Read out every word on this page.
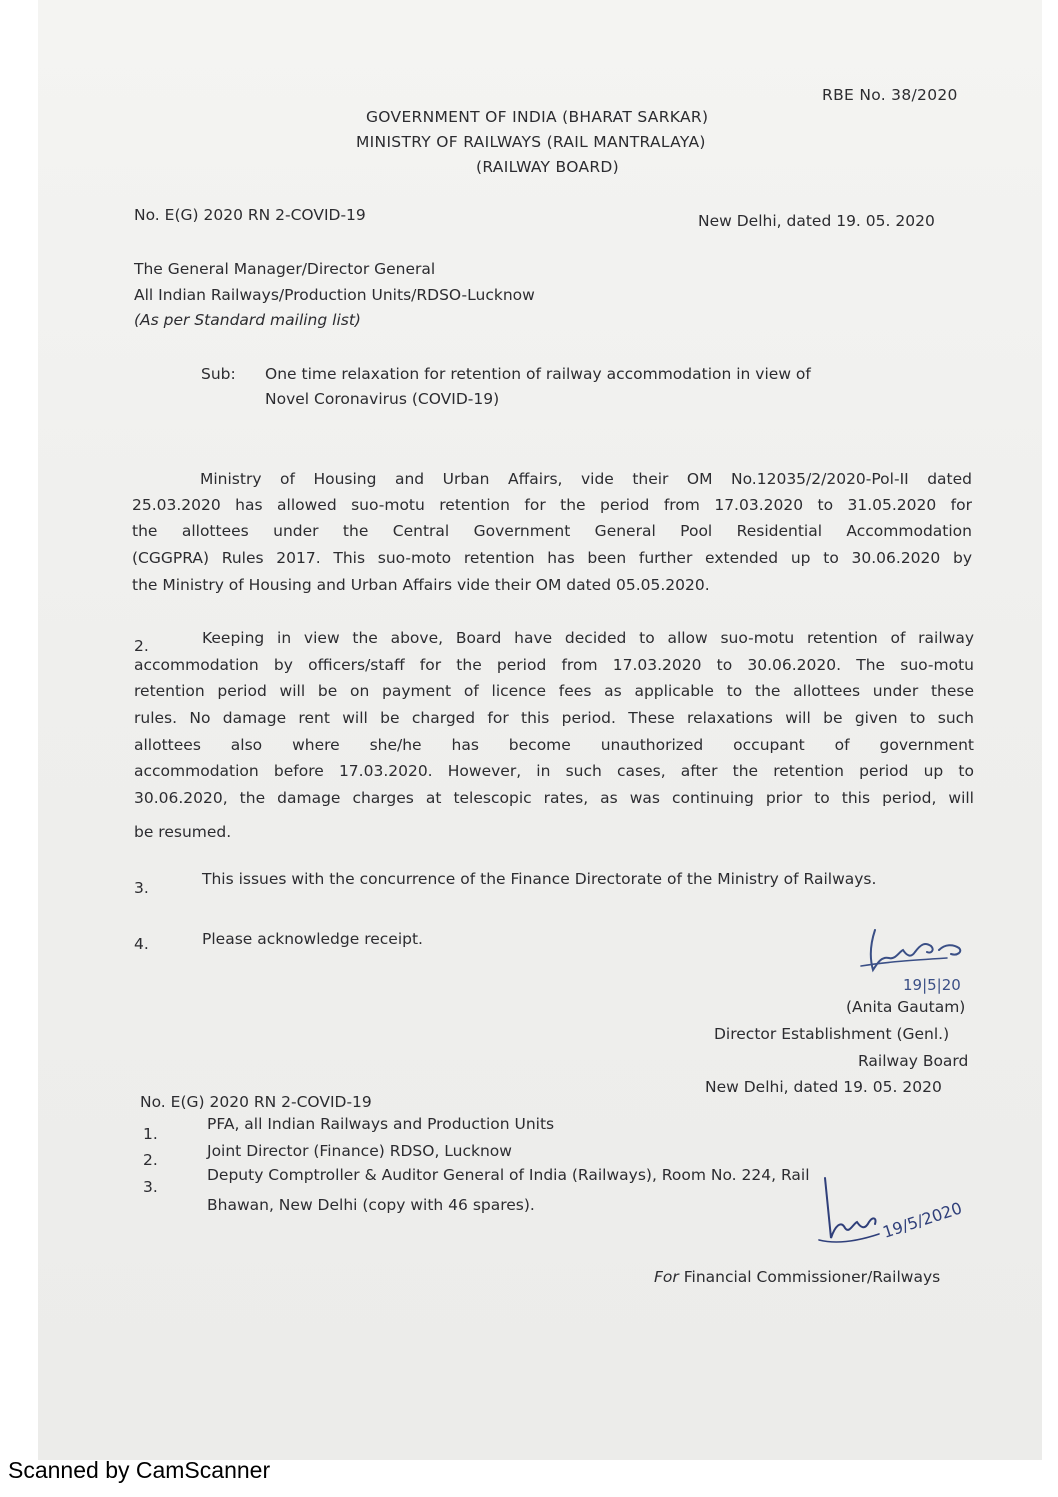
RBE No. 38/2020
GOVERNMENT OF INDIA (BHARAT SARKAR)
MINISTRY OF RAILWAYS (RAIL MANTRALAYA)
(RAILWAY BOARD)
No. E(G) 2020 RN 2-COVID-19	New Delhi, dated 19. 05. 2020
The General Manager/Director General
All Indian Railways/Production Units/RDSO-Lucknow
(As per Standard mailing list)
Sub: One time relaxation for retention of railway accommodation in view of
Novel Coronavirus (COVID-19)
Ministry of Housing and Urban Affairs, vide their OM No.12035/2/2020-Pol-II dated
25.03.2020 has allowed suo-motu retention for the period from 17.03.2020 to 31.05.2020 for
the allottees under the Central Government General Pool Residential Accommodation
(CGGPRA) Rules 2017. This suo-moto retention has been further extended up to 30.06.2020 by
the Ministry of Housing and Urban Affairs vide their OM dated 05.05.2020.
2.	Keeping in view the above, Board have decided to allow suo-motu retention of railway
accommodation by officers/staff for the period from 17.03.2020 to 30.06.2020. The suo-motu
retention period will be on payment of licence fees as applicable to the allottees under these
rules. No damage rent will be charged for this period. These relaxations will be given to such
allottees also where she/he has become unauthorized occupant of government
accommodation before 17.03.2020. However, in such cases, after the retention period up to
30.06.2020, the damage charges at telescopic rates, as was continuing prior to this period, will
be resumed.
3.	This issues with the concurrence of the Finance Directorate of the Ministry of Railways.
4.	Please acknowledge receipt.
19|5|20
(Anita Gautam)
Director Establishment (Genl.)
Railway Board
New Delhi, dated 19. 05. 2020
No. E(G) 2020 RN 2-COVID-19
1.
PFA, all Indian Railways and Production Units
2.	Joint Director (Finance) RDSO, Lucknow
3.
Deputy Comptroller & Auditor General of India (Railways), Room No. 224, Rail
Bhawan, New Delhi (copy with 46 spares).	19/5/2020
For Financial Commissioner/Railways
Scanned by CamScanner
